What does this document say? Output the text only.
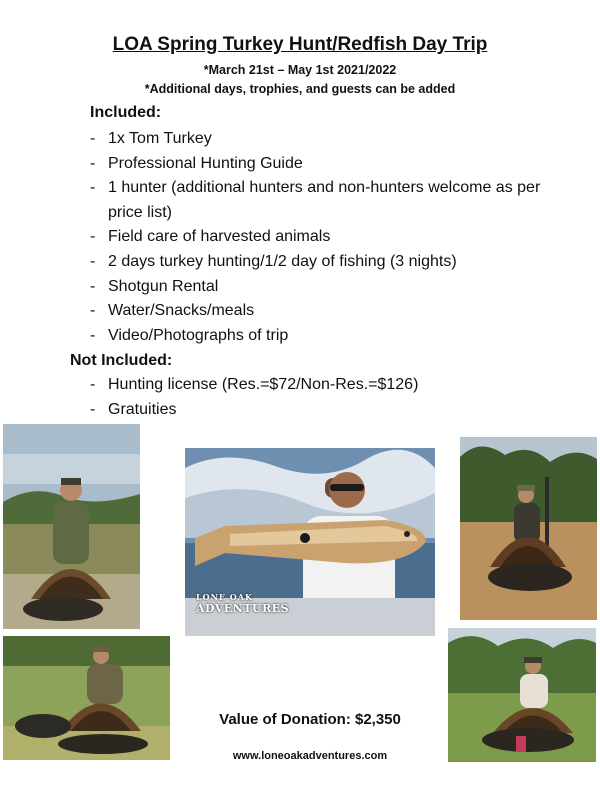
LOA Spring Turkey Hunt/Redfish Day Trip
*March 21st – May 1st 2021/2022
*Additional days, trophies, and guests can be added
Included:
- 1x Tom Turkey
- Professional Hunting Guide
- 1 hunter (additional hunters and non-hunters welcome as per price list)
- Field care of harvested animals
- 2 days turkey hunting/1/2 day of fishing (3 nights)
- Shotgun Rental
- Water/Snacks/meals
- Video/Photographs of trip
Not Included:
- Hunting license (Res.=$72/Non-Res.=$126)
- Gratuities
LONE OAK
ADVENTURES
Value of Donation: $2,350
www.loneoakadventures.com
